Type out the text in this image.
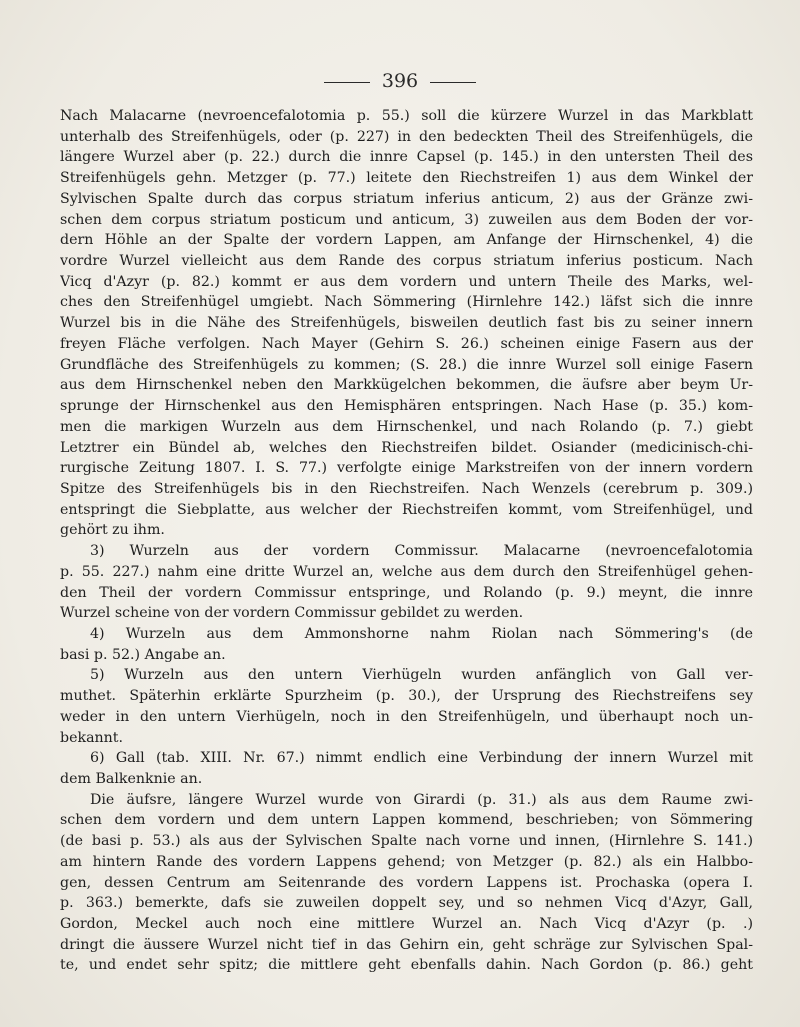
396
Nach Malacarne (nevroencefalotomia p. 55.) soll die kürzere Wurzel in das Markblatt
unterhalb des Streifenhügels, oder (p. 227) in den bedeckten Theil des Streifenhügels, die
längere Wurzel aber (p. 22.) durch die innre Capsel (p. 145.) in den untersten Theil des
Streifenhügels gehn. Metzger (p. 77.) leitete den Riechstreifen 1) aus dem Winkel der
Sylvischen Spalte durch das corpus striatum inferius anticum, 2) aus der Gränze zwi-
schen dem corpus striatum posticum und anticum, 3) zuweilen aus dem Boden der vor-
dern Höhle an der Spalte der vordern Lappen, am Anfange der Hirnschenkel, 4) die
vordre Wurzel vielleicht aus dem Rande des corpus striatum inferius posticum. Nach
Vicq d'Azyr (p. 82.) kommt er aus dem vordern und untern Theile des Marks, wel-
ches den Streifenhügel umgiebt. Nach Sömmering (Hirnlehre 142.) läfst sich die innre
Wurzel bis in die Nähe des Streifenhügels, bisweilen deutlich fast bis zu seiner innern
freyen Fläche verfolgen. Nach Mayer (Gehirn S. 26.) scheinen einige Fasern aus der
Grundfläche des Streifenhügels zu kommen; (S. 28.) die innre Wurzel soll einige Fasern
aus dem Hirnschenkel neben den Markkügelchen bekommen, die äufsre aber beym Ur-
sprunge der Hirnschenkel aus den Hemisphären entspringen. Nach Hase (p. 35.) kom-
men die markigen Wurzeln aus dem Hirnschenkel, und nach Rolando (p. 7.) giebt
Letztrer ein Bündel ab, welches den Riechstreifen bildet. Osiander (medicinisch-chi-
rurgische Zeitung 1807. I. S. 77.) verfolgte einige Markstreifen von der innern vordern
Spitze des Streifenhügels bis in den Riechstreifen. Nach Wenzels (cerebrum p. 309.)
entspringt die Siebplatte, aus welcher der Riechstreifen kommt, vom Streifenhügel, und
gehört zu ihm.
3) Wurzeln aus der vordern Commissur. Malacarne (nevroencefalotomia
p. 55. 227.) nahm eine dritte Wurzel an, welche aus dem durch den Streifenhügel gehen-
den Theil der vordern Commissur entspringe, und Rolando (p. 9.) meynt, die innre
Wurzel scheine von der vordern Commissur gebildet zu werden.
4) Wurzeln aus dem Ammonshorne nahm Riolan nach Sömmering's (de
basi p. 52.) Angabe an.
5) Wurzeln aus den untern Vierhügeln wurden anfänglich von Gall ver-
muthet. Späterhin erklärte Spurzheim (p. 30.), der Ursprung des Riechstreifens sey
weder in den untern Vierhügeln, noch in den Streifenhügeln, und überhaupt noch un-
bekannt.
6) Gall (tab. XIII. Nr. 67.) nimmt endlich eine Verbindung der innern Wurzel mit
dem Balkenknie an.
Die äufsre, längere Wurzel wurde von Girardi (p. 31.) als aus dem Raume zwi-
schen dem vordern und dem untern Lappen kommend, beschrieben; von Sömmering
(de basi p. 53.) als aus der Sylvischen Spalte nach vorne und innen, (Hirnlehre S. 141.)
am hintern Rande des vordern Lappens gehend; von Metzger (p. 82.) als ein Halbbo-
gen, dessen Centrum am Seitenrande des vordern Lappens ist. Prochaska (opera I.
p. 363.) bemerkte, dafs sie zuweilen doppelt sey, und so nehmen Vicq d'Azyr, Gall,
Gordon, Meckel auch noch eine mittlere Wurzel an. Nach Vicq d'Azyr (p. .)
dringt die äussere Wurzel nicht tief in das Gehirn ein, geht schräge zur Sylvischen Spal-
te, und endet sehr spitz; die mittlere geht ebenfalls dahin. Nach Gordon (p. 86.) geht
